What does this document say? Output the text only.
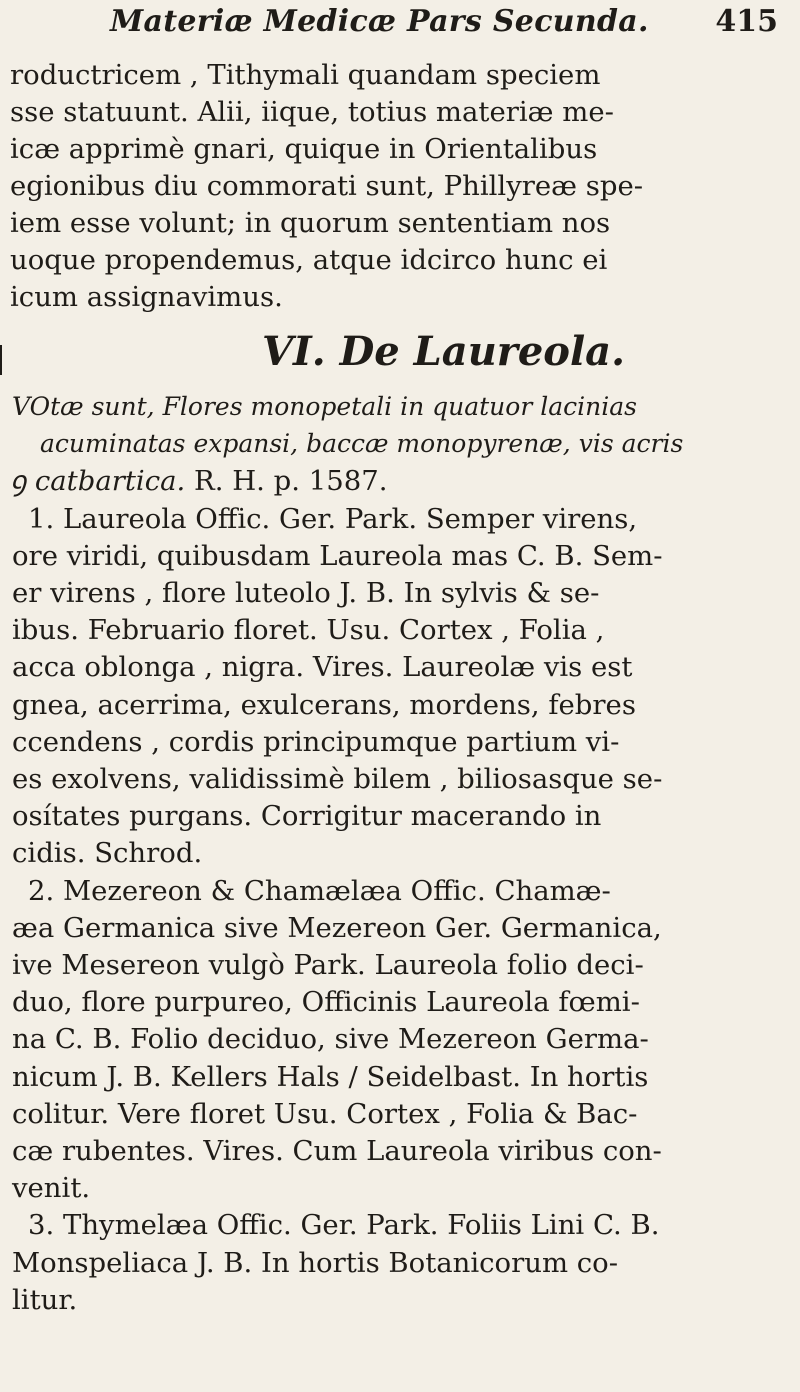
Materiæ Medicæ Pars Secunda. 415
roductricem , Tithymali quandam speciem
sse statuunt. Alii, iique, totius materiæ me-
icæ apprimè gnari, quique in Orientalibus
egionibus diu commorati sunt, Phillyreæ spe-
iem esse volunt; in quorum sententiam nos
uoque propendemus, atque idcirco hunc ei
icum assignavimus.
VI. De Laureola.
VOtæ sunt, Flores monopetali in quatuor lacinias
acuminatas expansi, baccæ monopyrenæ, vis acris
ꝯ catbartica. R. H. p. 1587.
1. Laureola Offic. Ger. Park. Semper virens,
ore viridi, quibusdam Laureola mas C. B. Sem-
er virens , flore luteolo J. B. In sylvis & se-
ibus. Februario floret. Usu. Cortex , Folia ,
acca oblonga , nigra. Vires. Laureolæ vis est
gnea, acerrima, exulcerans, mordens, febres
ccendens , cordis principumque partium vi-
es exolvens, validissimè bilem , biliosasque se-
osítates purgans. Corrigitur macerando in
cidis. Schrod.
2. Mezereon & Chamælæa Offic. Chamæ-
æa Germanica sive Mezereon Ger. Germanica,
ive Mesereon vulgò Park. Laureola folio deci-
duo, flore purpureo, Officinis Laureola fœmi-
na C. B. Folio deciduo, sive Mezereon Germa-
nicum J. B. Kellers Hals / Seidelbast. In hortis
colitur. Vere floret Usu. Cortex , Folia & Bac-
cæ rubentes. Vires. Cum Laureola viribus con-
venit.
3. Thymelæa Offic. Ger. Park. Foliis Lini C. B.
Monspeliaca J. B. In hortis Botanicorum co-
litur.
